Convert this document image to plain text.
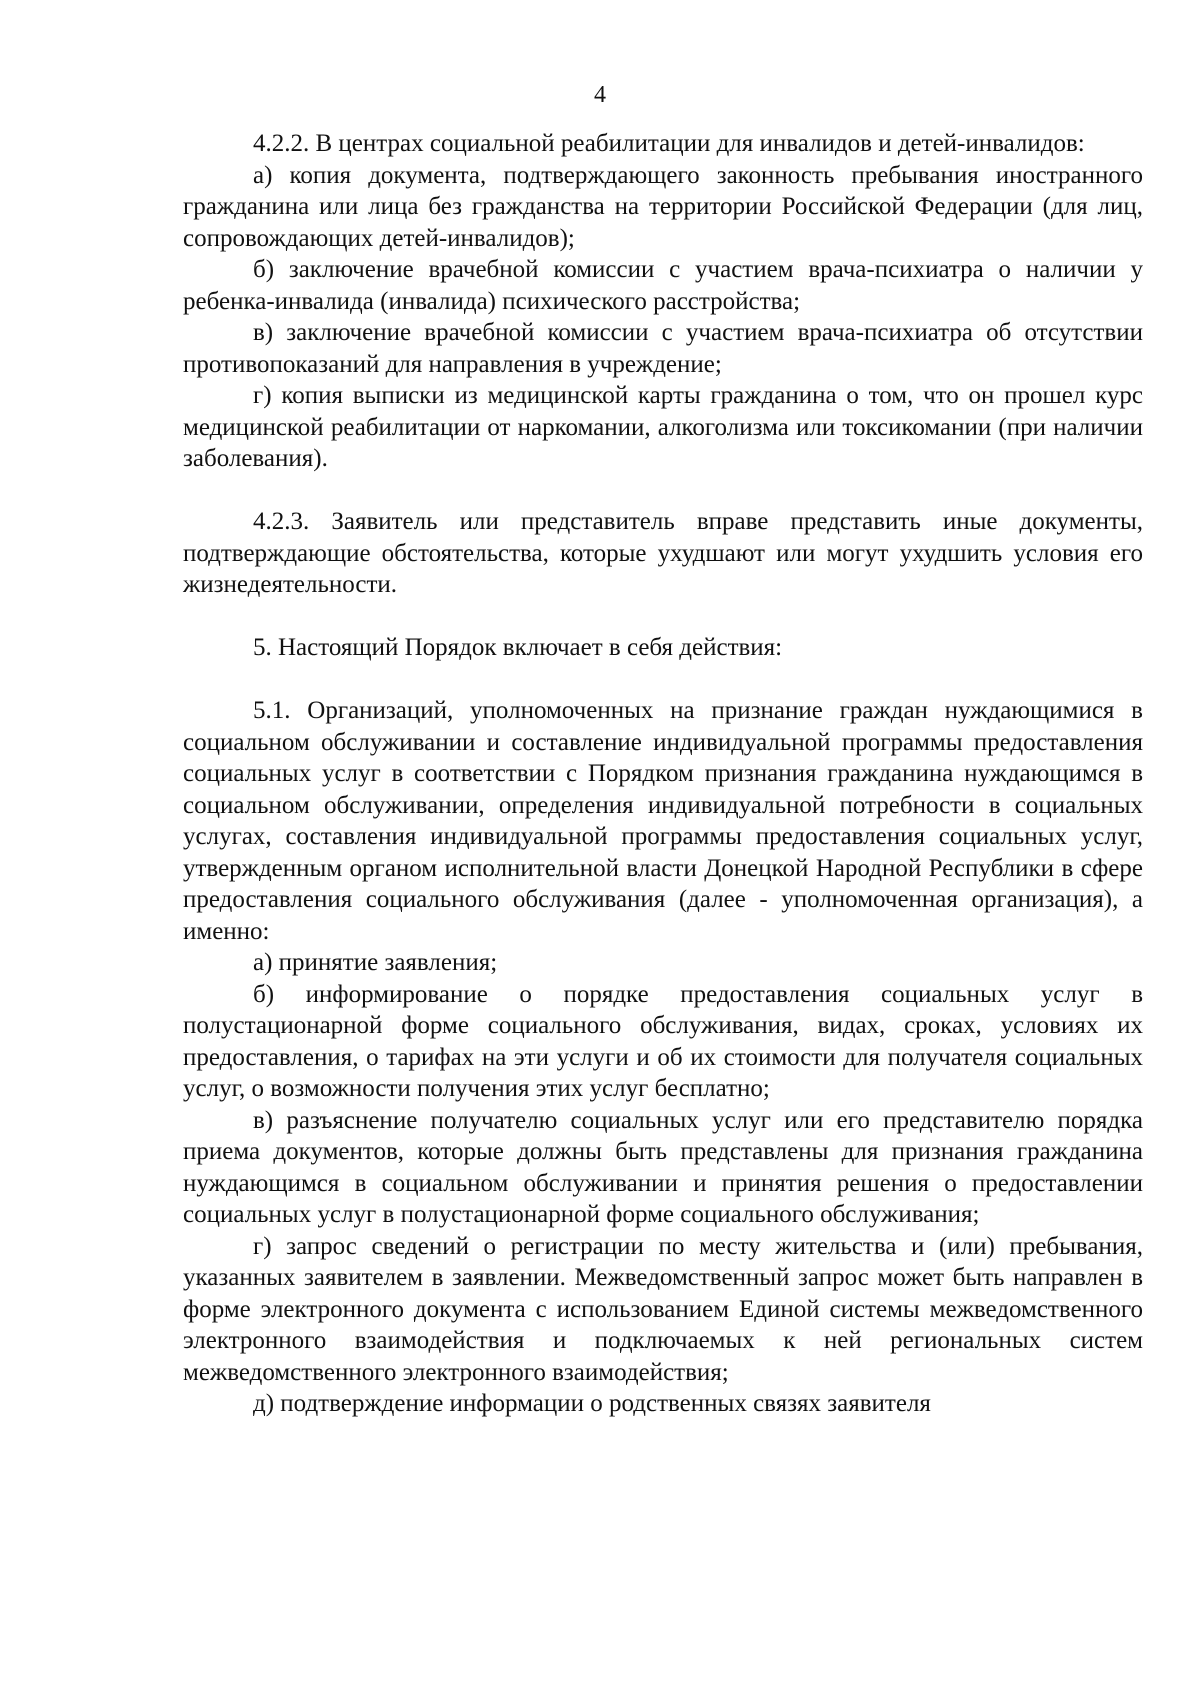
4

4.2.2. В центрах социальной реабилитации для инвалидов и детей-инвалидов:

а) копия документа, подтверждающего законность пребывания иностранного гражданина или лица без гражданства на территории Российской Федерации (для лиц, сопровождающих детей-инвалидов);

б) заключение врачебной комиссии с участием врача-психиатра о наличии у ребенка-инвалида (инвалида) психического расстройства;

в) заключение врачебной комиссии с участием врача-психиатра об отсутствии противопоказаний для направления в учреждение;

г) копия выписки из медицинской карты гражданина о том, что он прошел курс медицинской реабилитации от наркомании, алкоголизма или токсикомании (при наличии заболевания).

4.2.3. Заявитель или представитель вправе представить иные документы, подтверждающие обстоятельства, которые ухудшают или могут ухудшить условия его жизнедеятельности.

5. Настоящий Порядок включает в себя действия:

5.1. Организаций, уполномоченных на признание граждан нуждающимися в социальном обслуживании и составление индивидуальной программы предоставления социальных услуг в соответствии с Порядком признания гражданина нуждающимся в социальном обслуживании, определения индивидуальной потребности в социальных услугах, составления индивидуальной программы предоставления социальных услуг, утвержденным органом исполнительной власти Донецкой Народной Республики в сфере предоставления социального обслуживания (далее - уполномоченная организация), а именно:

а) принятие заявления;

б) информирование о порядке предоставления социальных услуг в полустационарной форме социального обслуживания, видах, сроках, условиях их предоставления, о тарифах на эти услуги и об их стоимости для получателя социальных услуг, о возможности получения этих услуг бесплатно;

в) разъяснение получателю социальных услуг или его представителю порядка приема документов, которые должны быть представлены для признания гражданина нуждающимся в социальном обслуживании и принятия решения о предоставлении социальных услуг в полустационарной форме социального обслуживания;

г) запрос сведений о регистрации по месту жительства и (или) пребывания, указанных заявителем в заявлении. Межведомственный запрос может быть направлен в форме электронного документа с использованием Единой системы межведомственного электронного взаимодействия и подключаемых к ней региональных систем межведомственного электронного взаимодействия;

д) подтверждение информации о родственных связях заявителя
